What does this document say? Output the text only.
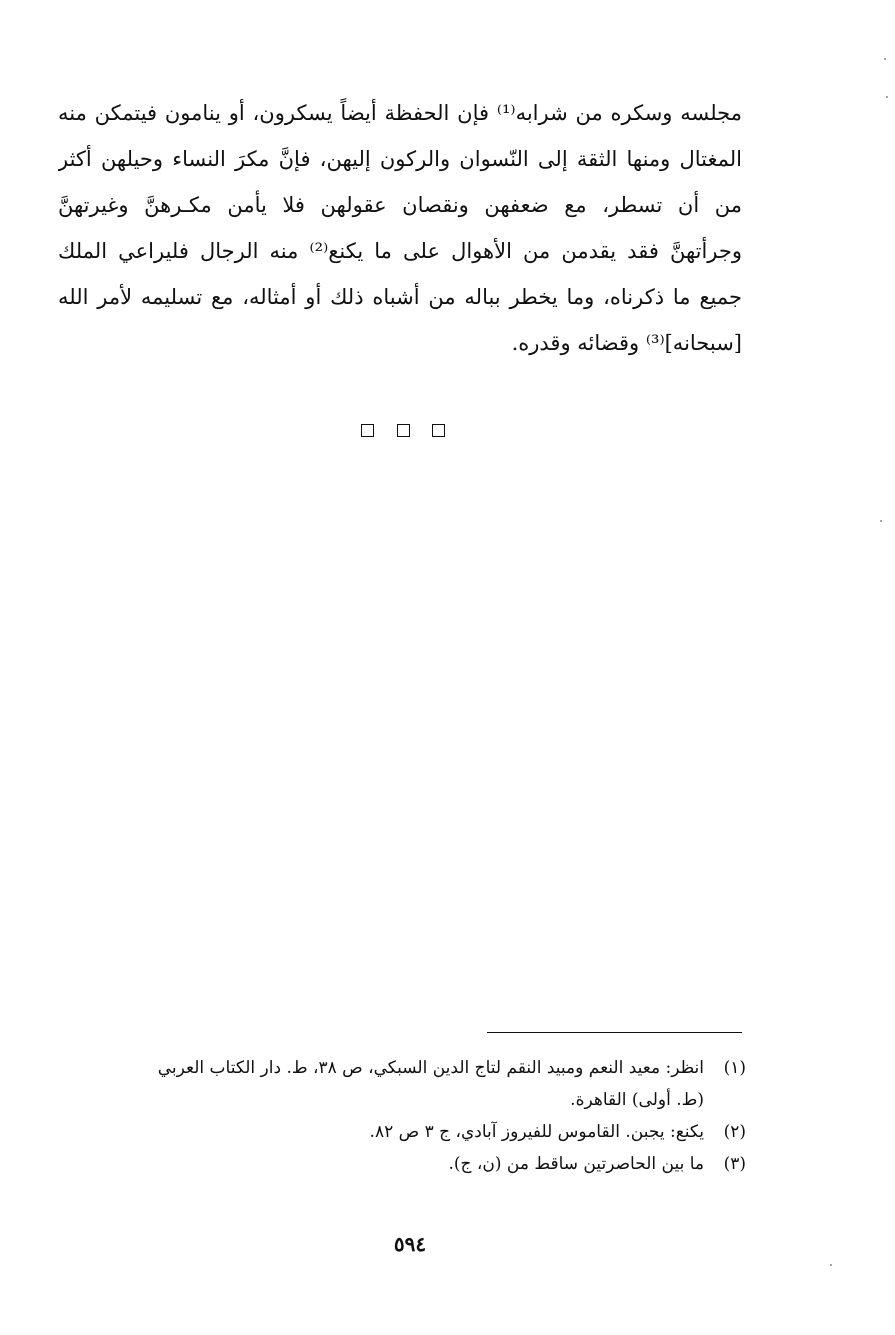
مجلسه وسكره من شرابه⁽¹⁾ فإن الحفظة أيضاً يسكرون، أو ينامون فيتمكن منه
المغتال ومنها الثقة إلى النّسوان والركون إليهن، فإنَّ مكرَ النساء وحيلهن أكثر
من أن تسطر، مع ضعفهن ونقصان عقولهن فلا يأمن مكـرهنَّ وغيرتهنَّ
وجرأتهنَّ فقد يقدمن من الأهوال على ما يكنع⁽²⁾ منه الرجال فليراعي الملك
جميع ما ذكرناه، وما يخطر بباله من أشباه ذلك أو أمثاله، مع تسليمه لأمر الله
[سبحانه]⁽³⁾ وقضائه وقدره.
(١)
انظر: معيد النعم ومبيد النقم لتاج الدين السبكي، ص ٣٨، ط. دار الكتاب العربي
(ط. أولى) القاهرة.
(٢)
يكنع: يجبن. القاموس للفيروز آبادي، ج ٣ ص ٨٢.
(٣)
ما بين الحاصرتين ساقط من (ن، ج).
٥٩٤
